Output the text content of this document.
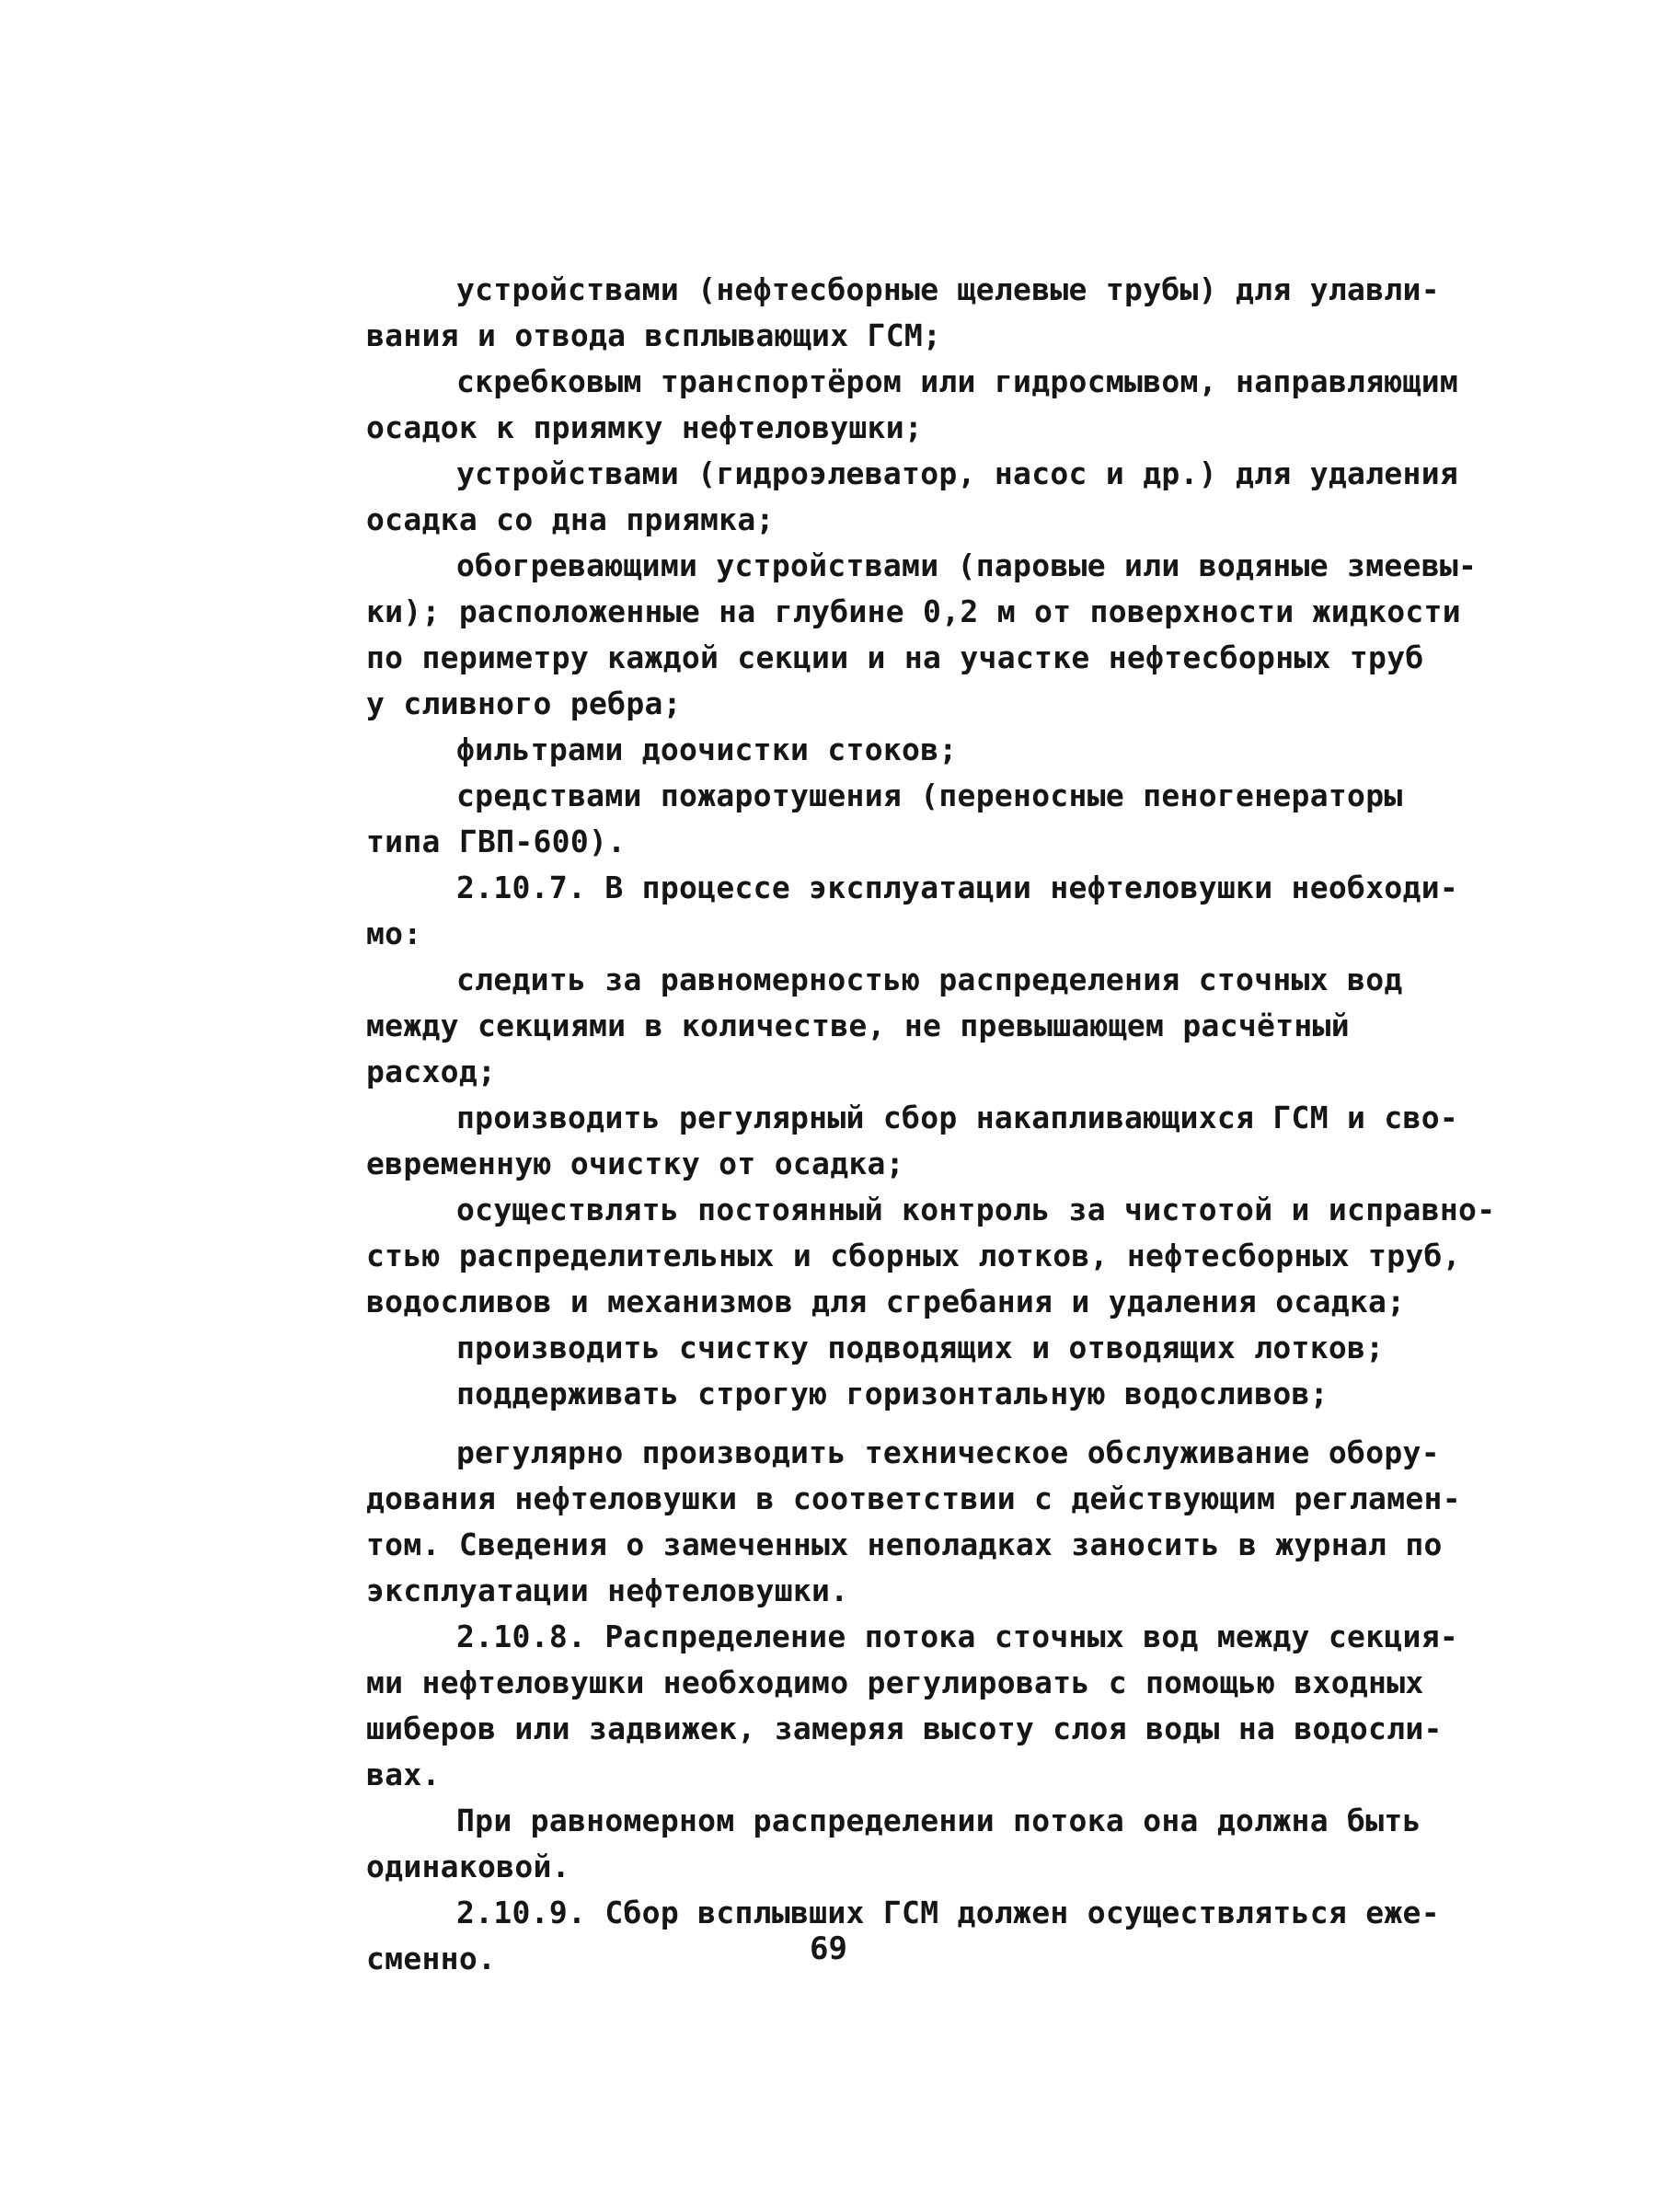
устройствами (нефтесборные щелевые трубы) для улавли-
вания и отвода всплывающих ГСМ;
скребковым транспортёром или гидросмывом, направляющим
осадок к приямку нефтеловушки;
устройствами (гидроэлеватор, насос и др.) для удаления
осадка со дна приямка;
обогревающими устройствами (паровые или водяные змеевы-
ки); расположенные на глубине 0,2 м от поверхности жидкости
по периметру каждой секции и на участке нефтесборных труб
у сливного ребра;
фильтрами доочистки стоков;
средствами пожаротушения (переносные пеногенераторы
типа ГВП-600).
2.10.7. В процессе эксплуатации нефтеловушки необходи-
мо:
следить за равномерностью распределения сточных вод
между секциями в количестве, не превышающем расчётный
расход;
производить регулярный сбор накапливающихся ГСМ и сво-
евременную очистку от осадка;
осуществлять постоянный контроль за чистотой и исправно-
стью распределительных и сборных лотков, нефтесборных труб,
водосливов и механизмов для сгребания и удаления осадка;
производить счистку подводящих и отводящих лотков;
поддерживать строгую горизонтальную водосливов;
регулярно производить техническое обслуживание обору-
дования нефтеловушки в соответствии с действующим регламен-
том. Сведения о замеченных неполадках заносить в журнал по
эксплуатации нефтеловушки.
2.10.8. Распределение потока сточных вод между секция-
ми нефтеловушки необходимо регулировать с помощью входных
шиберов или задвижек, замеряя высоту слоя воды на водосли-
вах.
При равномерном распределении потока она должна быть
одинаковой.
2.10.9. Сбор всплывших ГСМ должен осуществляться еже-
сменно.	69
